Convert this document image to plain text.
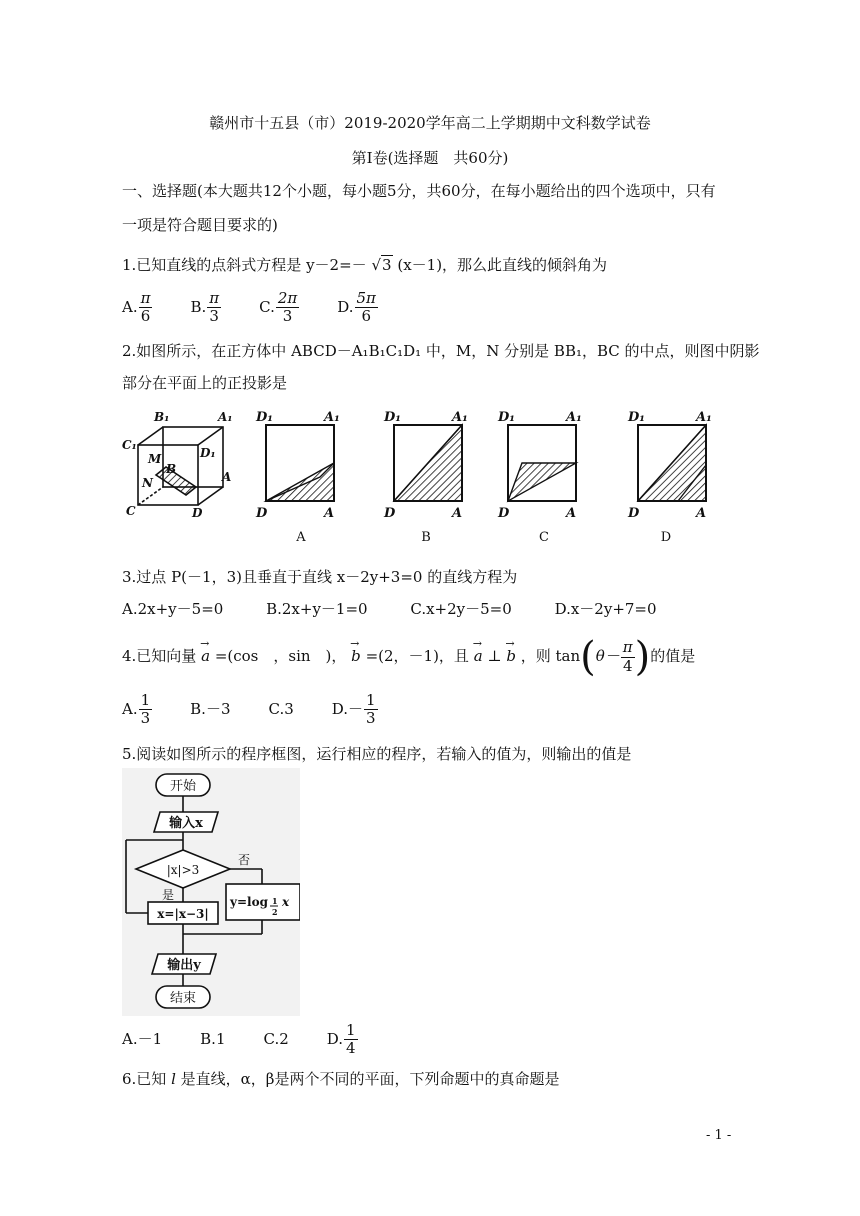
赣州市十五县（市）2019-2020学年高二上学期期中文科数学试卷
第Ⅰ卷(选择题　共60分)
一、选择题(本大题共12个小题，每小题5分，共60分，在每小题给出的四个选项中，只有
一项是符合题目要求的)
1.已知直线的点斜式方程是 y－2=－ √3 (x－1)，那么此直线的倾斜角为
A. $\frac{\pi}{6}$	B. $\frac{\pi}{3}$	C. $\frac{2\pi}{3}$	D. $\frac{5\pi}{6}$
2.如图所示，在正方体中 ABCD－A₁B₁C₁D₁ 中，M，N 分别是 BB₁，BC 的中点，则图中阴影
部分在平面上的正投影是
B₁	A₁
C₁
M
B
D₁
N	A
C	D
D₁	A₁
D	A
A
D₁	A₁
D	A
B
D₁	A₁
D	A
C
D₁	A₁
D	A
D
3.过点 P(－1，3)且垂直于直线 x－2y+3=0 的直线方程为
A.2x+y－5=0	B.2x+y－1=0	C.x+2y－5=0	D.x－2y+7=0
4.已知向量 → a =(cos　，sin　)， → b =(2，－1)，且 → a ⊥ → b ，则 $\tan(\theta- \frac{\pi}{4}$ )的值是
A. $\frac{1}{3}$	B.－3	C.3	$D.- \frac{1}{3}$
5.阅读如图所示的程序框图，运行相应的程序，若输入的值为，则输出的值是
开始
输入x
|x|>3
否
是
x=|x−3|
y=log 1
2
x
输出y
结束
A.－1	B.1	C.2	D. $\frac{1}{4}$
6.已知 l 是直线，α，β是两个不同的平面，下列命题中的真命题是
- 1 -
